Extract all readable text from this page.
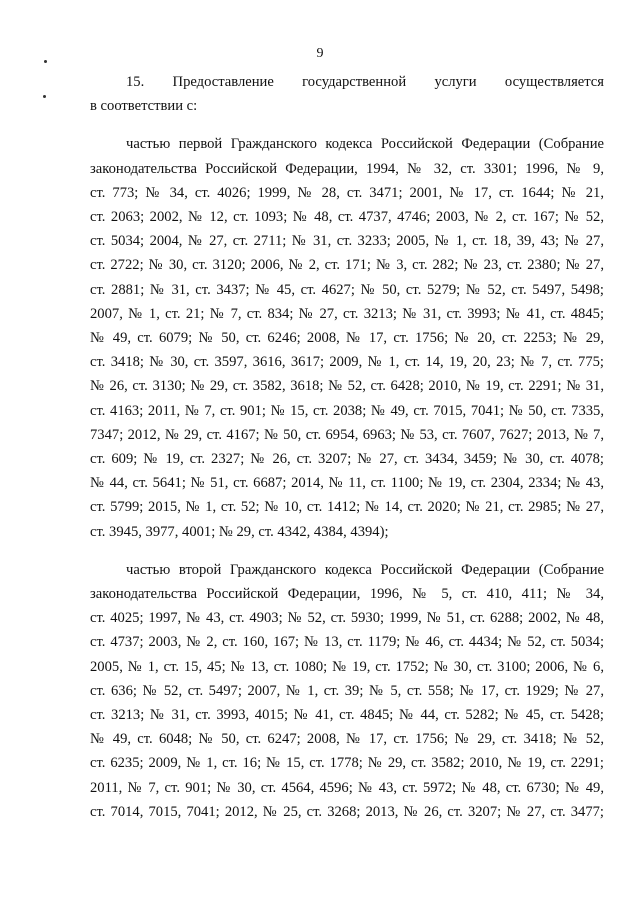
9
15. Предоставление государственной услуги осуществляется
в соответствии с:
частью первой Гражданского кодекса Российской Федерации (Собрание
законодательства Российской Федерации, 1994, № 32, ст. 3301; 1996, № 9,
ст. 773; № 34, ст. 4026; 1999, № 28, ст. 3471; 2001, № 17, ст. 1644; № 21,
ст. 2063; 2002, № 12, ст. 1093; № 48, ст. 4737, 4746; 2003, № 2, ст. 167; № 52,
ст. 5034; 2004, № 27, ст. 2711; № 31, ст. 3233; 2005, № 1, ст. 18, 39, 43; № 27,
ст. 2722; № 30, ст. 3120; 2006, № 2, ст. 171; № 3, ст. 282; № 23, ст. 2380; № 27,
ст. 2881; № 31, ст. 3437; № 45, ст. 4627; № 50, ст. 5279; № 52, ст. 5497, 5498;
2007, № 1, ст. 21; № 7, ст. 834; № 27, ст. 3213; № 31, ст. 3993; № 41, ст. 4845;
№ 49, ст. 6079; № 50, ст. 6246; 2008, № 17, ст. 1756; № 20, ст. 2253; № 29,
ст. 3418; № 30, ст. 3597, 3616, 3617; 2009, № 1, ст. 14, 19, 20, 23; № 7, ст. 775;
№ 26, ст. 3130; № 29, ст. 3582, 3618; № 52, ст. 6428; 2010, № 19, ст. 2291; № 31,
ст. 4163; 2011, № 7, ст. 901; № 15, ст. 2038; № 49, ст. 7015, 7041; № 50, ст. 7335,
7347; 2012, № 29, ст. 4167; № 50, ст. 6954, 6963; № 53, ст. 7607, 7627; 2013, № 7,
ст. 609; № 19, ст. 2327; № 26, ст. 3207; № 27, ст. 3434, 3459; № 30, ст. 4078;
№ 44, ст. 5641; № 51, ст. 6687; 2014, № 11, ст. 1100; № 19, ст. 2304, 2334; № 43,
ст. 5799; 2015, № 1, ст. 52; № 10, ст. 1412; № 14, ст. 2020; № 21, ст. 2985; № 27,
ст. 3945, 3977, 4001; № 29, ст. 4342, 4384, 4394);
частью второй Гражданского кодекса Российской Федерации (Собрание
законодательства Российской Федерации, 1996, № 5, ст. 410, 411; № 34,
ст. 4025; 1997, № 43, ст. 4903; № 52, ст. 5930; 1999, № 51, ст. 6288; 2002, № 48,
ст. 4737; 2003, № 2, ст. 160, 167; № 13, ст. 1179; № 46, ст. 4434; № 52, ст. 5034;
2005, № 1, ст. 15, 45; № 13, ст. 1080; № 19, ст. 1752; № 30, ст. 3100; 2006, № 6,
ст. 636; № 52, ст. 5497; 2007, № 1, ст. 39; № 5, ст. 558; № 17, ст. 1929; № 27,
ст. 3213; № 31, ст. 3993, 4015; № 41, ст. 4845; № 44, ст. 5282; № 45, ст. 5428;
№ 49, ст. 6048; № 50, ст. 6247; 2008, № 17, ст. 1756; № 29, ст. 3418; № 52,
ст. 6235; 2009, № 1, ст. 16; № 15, ст. 1778; № 29, ст. 3582; 2010, № 19, ст. 2291;
2011, № 7, ст. 901; № 30, ст. 4564, 4596; № 43, ст. 5972; № 48, ст. 6730; № 49,
ст. 7014, 7015, 7041; 2012, № 25, ст. 3268; 2013, № 26, ст. 3207; № 27, ст. 3477;
